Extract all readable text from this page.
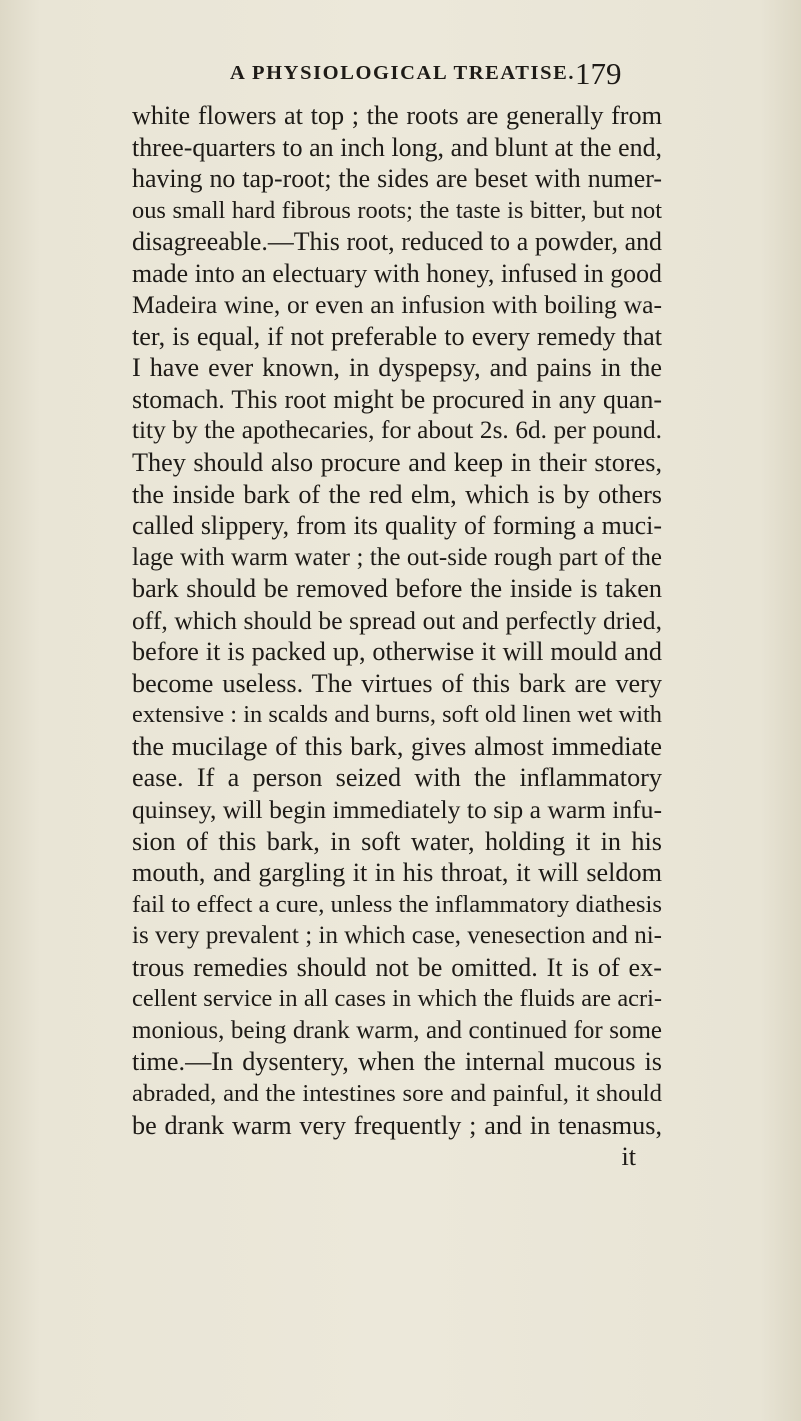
A PHYSIOLOGICAL TREATISE. 179
white flowers at top ; the roots are generally from
three-quarters to an inch long, and blunt at the end,
having no tap-root; the sides are beset with numer-
ous small hard fibrous roots; the taste is bitter, but not
disagreeable.—This root, reduced to a powder, and
made into an electuary with honey, infused in good
Madeira wine, or even an infusion with boiling wa-
ter, is equal, if not preferable to every remedy that
I have ever known, in dyspepsy, and pains in the
stomach. This root might be procured in any quan-
tity by the apothecaries, for about 2s. 6d. per pound.
They should also procure and keep in their stores,
the inside bark of the red elm, which is by others
called slippery, from its quality of forming a muci-
lage with warm water ; the out-side rough part of the
bark should be removed before the inside is taken
off, which should be spread out and perfectly dried,
before it is packed up, otherwise it will mould and
become useless. The virtues of this bark are very
extensive : in scalds and burns, soft old linen wet with
the mucilage of this bark, gives almost immediate
ease. If a person seized with the inflammatory
quinsey, will begin immediately to sip a warm infu-
sion of this bark, in soft water, holding it in his
mouth, and gargling it in his throat, it will seldom
fail to effect a cure, unless the inflammatory diathesis
is very prevalent ; in which case, venesection and ni-
trous remedies should not be omitted. It is of ex-
cellent service in all cases in which the fluids are acri-
monious, being drank warm, and continued for some
time.—In dysentery, when the internal mucous is
abraded, and the intestines sore and painful, it should
be drank warm very frequently ; and in tenasmus,
it
